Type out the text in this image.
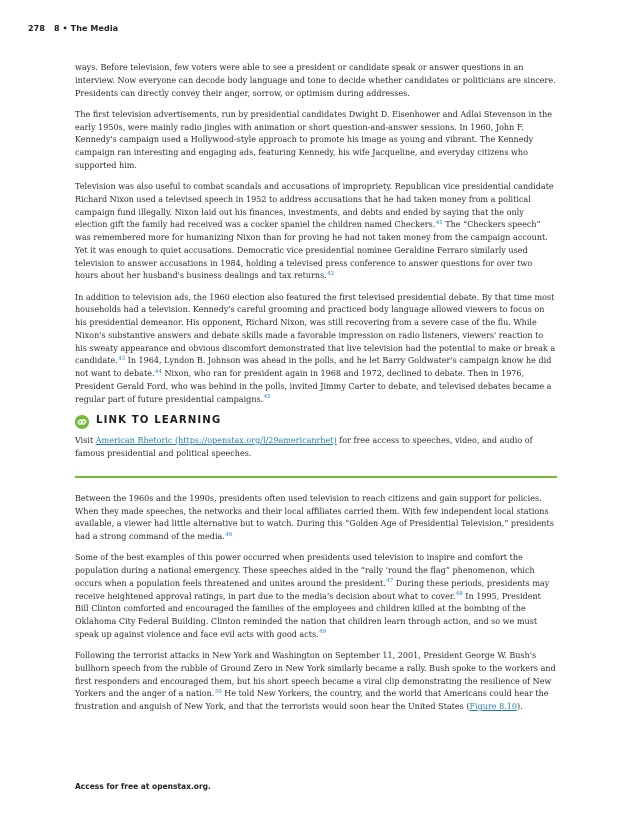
278 8 • The Media

ways. Before television, few voters were able to see a president or candidate speak or answer questions in an interview. Now everyone can decode body language and tone to decide whether candidates or politicians are sincere. Presidents can directly convey their anger, sorrow, or optimism during addresses.

The first television advertisements, run by presidential candidates Dwight D. Eisenhower and Adlai Stevenson in the early 1950s, were mainly radio jingles with animation or short question-and-answer sessions. In 1960, John F. Kennedy's campaign used a Hollywood-style approach to promote his image as young and vibrant. The Kennedy campaign ran interesting and engaging ads, featuring Kennedy, his wife Jacqueline, and everyday citizens who supported him.

Television was also useful to combat scandals and accusations of impropriety. Republican vice presidential candidate Richard Nixon used a televised speech in 1952 to address accusations that he had taken money from a political campaign fund illegally. Nixon laid out his finances, investments, and debts and ended by saying that the only election gift the family had received was a cocker spaniel the children named Checkers.$^{41}$ The “Checkers speech” was remembered more for humanizing Nixon than for proving he had not taken money from the campaign account. Yet it was enough to quiet accusations. Democratic vice presidential nominee Geraldine Ferraro similarly used television to answer accusations in 1984, holding a televised press conference to answer questions for over two hours about her husband's business dealings and tax returns.$^{42}$

In addition to television ads, the 1960 election also featured the first televised presidential debate. By that time most households had a television. Kennedy's careful grooming and practiced body language allowed viewers to focus on his presidential demeanor. His opponent, Richard Nixon, was still recovering from a severe case of the flu. While Nixon's substantive answers and debate skills made a favorable impression on radio listeners, viewers' reaction to his sweaty appearance and obvious discomfort demonstrated that live television had the potential to make or break a candidate.$^{43}$ In 1964, Lyndon B. Johnson was ahead in the polls, and he let Barry Goldwater's campaign know he did not want to debate.$^{44}$ Nixon, who ran for president again in 1968 and 1972, declined to debate. Then in 1976, President Gerald Ford, who was behind in the polls, invited Jimmy Carter to debate, and televised debates became a regular part of future presidential campaigns.$^{45}$

LINK TO LEARNING

Visit American Rhetoric (https://openstax.org/l/29americanrhet) for free access to speeches, video, and audio of famous presidential and political speeches.

Between the 1960s and the 1990s, presidents often used television to reach citizens and gain support for policies. When they made speeches, the networks and their local affiliates carried them. With few independent local stations available, a viewer had little alternative but to watch. During this “Golden Age of Presidential Television,” presidents had a strong command of the media.$^{46}$

Some of the best examples of this power occurred when presidents used television to inspire and comfort the population during a national emergency. These speeches aided in the “rally 'round the flag” phenomenon, which occurs when a population feels threatened and unites around the president.$^{47}$ During these periods, presidents may receive heightened approval ratings, in part due to the media's decision about what to cover.$^{48}$ In 1995, President Bill Clinton comforted and encouraged the families of the employees and children killed at the bombing of the Oklahoma City Federal Building. Clinton reminded the nation that children learn through action, and so we must speak up against violence and face evil acts with good acts.$^{49}$

Following the terrorist attacks in New York and Washington on September 11, 2001, President George W. Bush's bullhorn speech from the rubble of Ground Zero in New York similarly became a rally. Bush spoke to the workers and first responders and encouraged them, but his short speech became a viral clip demonstrating the resilience of New Yorkers and the anger of a nation.$^{50}$ He told New Yorkers, the country, and the world that Americans could hear the frustration and anguish of New York, and that the terrorists would soon hear the United States (Figure 8.10).

Access for free at openstax.org.
